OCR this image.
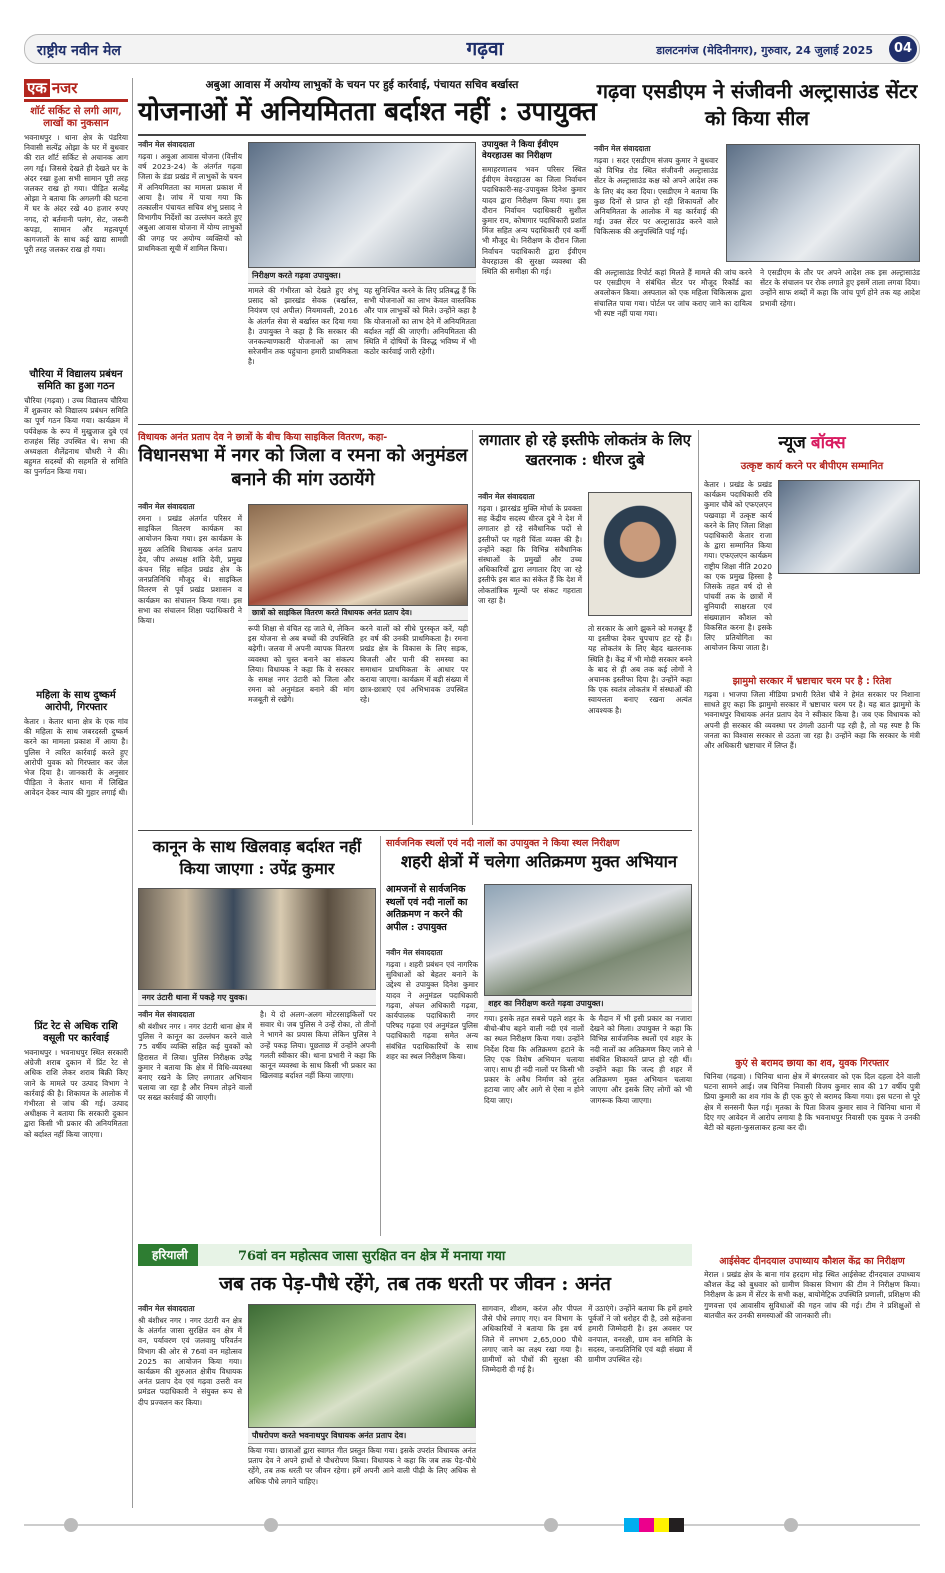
राष्ट्रीय नवीन मेल	गढ़वा	डालटनगंज (मेदिनीनगर), गुरुवार, 24 जुलाई 2025	04
एक नजर
शॉर्ट सर्किट से लगी आग, लाखों का नुकसान
भवनाथपुर । थाना क्षेत्र के पंडरिया निवासी सत्येंद्र ओझा के घर में बुधवार की रात शॉर्ट सर्किट से अचानक आग लग गई। जिससे देखते ही देखते घर के अंदर रखा हुआ सभी सामान पूरी तरह जलकर राख हो गया। पीड़ित सत्येंद्र ओझा ने बताया कि अगलगी की घटना में घर के अंदर रखे 40 हजार रुपए नगद, दो बर्तमानी पलंग, सेट, जरूरी कपड़ा, सामान और महत्वपूर्ण कागजातों के साथ कई खाद्य सामग्री पूरी तरह जलकर राख हो गया।
चौरिया में विद्यालय प्रबंधन समिति का हुआ गठन
चौरिया (गढ़वा) । उच्च विद्यालय चौरिया में शुक्रवार को विद्यालय प्रबंधन समिति का पूर्ण गठन किया गया। कार्यक्रम में पर्यवेक्षक के रूप में मुखुजाज दुबे एवं राजहंस सिंह उपस्थित थे। सभा की अध्यक्षता शैलेंद्रनाथ चौधरी ने की। बहुमत सदस्यों की सहमति से समिति का पुनर्गठन किया गया।
महिला के साथ दुष्कर्म आरोपी, गिरफ्तार
केतार । केतार थाना क्षेत्र के एक गांव की महिला के साथ जबरदस्ती दुष्कर्म करने का मामला प्रकाश में आया है। पुलिस ने त्वरित कार्रवाई करते हुए आरोपी युवक को गिरफ्तार कर जेल भेज दिया है। जानकारी के अनुसार पीड़िता ने केतार थाना में लिखित आवेदन देकर न्याय की गुहार लगाई थी।
प्रिंट रेट से अधिक राशि वसूली पर कार्रवाई
भवनाथपुर । भवनाथपुर स्थित सरकारी अंग्रेजी शराब दुकान में प्रिंट रेट से अधिक राशि लेकर शराब बिक्री किए जाने के मामले पर उत्पाद विभाग ने कार्रवाई की है। शिकायत के आलोक में गंभीरता से जांच की गई। उत्पाद अधीक्षक ने बताया कि सरकारी दुकान द्वारा किसी भी प्रकार की अनियमितता को बर्दाश्त नहीं किया जाएगा।
अबुआ आवास में अयोग्य लाभुकों के चयन पर हुई कार्रवाई, पंचायत सचिव बर्खास्त
योजनाओं में अनियमितता बर्दाश्त नहीं : उपायुक्त
नवीन मेल संवाददाता
गढ़वा । अबुआ आवास योजना (वित्तीय वर्ष 2023-24) के अंतर्गत गढ़वा जिला के डंडा प्रखंड में लाभुकों के चयन में अनियमितता का मामला प्रकाश में आया है। जांच में पाया गया कि तत्कालीन पंचायत सचिव शंभू प्रसाद ने विभागीय निर्देशों का उल्लंघन करते हुए अबुआ आवास योजना में योग्य लाभुकों की जगह पर अयोग्य व्यक्तियों को प्राथमिकता सूची में शामिल किया।
निरीक्षण करते गढ़वा उपायुक्त।
मामले की गंभीरता को देखते हुए शंभू प्रसाद को झारखंड सेवक (बर्खास्त, नियंत्रण एवं अपील) नियमावली, 2016 के अंतर्गत सेवा से बर्खास्त कर दिया गया है। उपायुक्त ने कहा है कि सरकार की जनकल्याणकारी योजनाओं का लाभ सरेजमीन तक पहुंचाना हमारी प्राथमिकता है।
यह सुनिश्चित करने के लिए प्रतिबद्ध हैं कि सभी योजनाओं का लाभ केवल वास्तविक और पात्र लाभुकों को मिले। उन्होंने कहा है कि योजनाओं का लाभ देने में अनियमितता बर्दाश्त नहीं की जाएगी। अनियमितता की स्थिति में दोषियों के विरुद्ध भविष्य में भी कठोर कार्रवाई जारी रहेगी।
उपायुक्त ने किया ईवीएम वेयरहाउस का निरीक्षण
समाहरणालय भवन परिसर स्थित ईवीएम वेयरहाउस का जिला निर्वाचन पदाधिकारी-सह-उपायुक्त दिनेश कुमार यादव द्वारा निरीक्षण किया गया। इस दौरान निर्वाचन पदाधिकारी सुशील कुमार राय, कोषागार पदाधिकारी प्रशांत मिंज सहित अन्य पदाधिकारी एवं कर्मी भी मौजूद थे। निरीक्षण के दौरान जिला निर्वाचन पदाधिकारी द्वारा ईवीएम वेयरहाउस की सुरक्षा व्यवस्था की स्थिति की समीक्षा की गई।
गढ़वा एसडीएम ने संजीवनी अल्ट्रासाउंड सेंटर को किया सील
नवीन मेल संवाददाता
गढ़वा । सदर एसडीएम संजय कुमार ने बुधवार को विभिन्न रोड स्थित संजीवनी अल्ट्रासाउंड सेंटर के अल्ट्रासाउंड कक्ष को अपने आदेश तक के लिए बंद करा दिया। एसडीएम ने बताया कि कुछ दिनों से प्राप्त हो रही शिकायतों और अनियमितता के आलोक में यह कार्रवाई की गई। उक्त सेंटर पर अल्ट्रासाउंड करने वाले चिकित्सक की अनुपस्थिति पाई गई।
की अल्ट्रासाउंड रिपोर्ट कहां मिलते हैं मामले की जांच करने पर एसडीएम ने संबंधित सेंटर पर मौजूद रिकॉर्ड का अवलोकन किया। अस्पताल को एक महिला चिकित्सक द्वारा संचालित पाया गया। पोर्टल पर जांच कराए जाने का दायित्व भी स्पष्ट नहीं पाया गया।
ने एसडीएम के तौर पर अपने आदेश तक इस अल्ट्रासाउंड सेंटर के संचालन पर रोक लगाते हुए इसमें ताला लगवा दिया। उन्होंने साफ शब्दों में कहा कि जांच पूर्ण होने तक यह आदेश प्रभावी रहेगा।
विधायक अनंत प्रताप देव ने छात्रों के बीच किया साइकिल वितरण, कहा-
विधानसभा में नगर को जिला व रमना को अनुमंडल बनाने की मांग उठायेंगे
नवीन मेल संवाददाता
रमना । प्रखंड अंतर्गत परिसर में साइकिल वितरण कार्यक्रम का आयोजन किया गया। इस कार्यक्रम के मुख्य अतिथि विधायक अनंत प्रताप देव, जीप अध्यक्ष शांति देवी, प्रमुख कंचन सिंह सहित प्रखंड क्षेत्र के जनप्रतिनिधि मौजूद थे। साइकिल वितरण से पूर्व प्रखंड प्रशासन व कार्यक्रम का संचालन किया गया। इस सभा का संचालन शिक्षा पदाधिकारी ने किया।
छात्रों को साइकिल वितरण करते विधायक अनंत प्रताप देव।
रूपी शिक्षा से वंचित रह जाते थे, लेकिन इस योजना से अब बच्चों की उपस्थिति बढ़ेगी। जलवा में अपनी व्यापक वितरण व्यवस्था को चुस्त बनाने का संकल्प लिया। विधायक ने कहा कि वे सरकार के समक्ष नगर उंटारी को जिला और रमना को अनुमंडल बनाने की मांग मजबूती से रखेंगे।
करने वालों को सीधे पुरस्कृत करें, यही हर वर्ष की उनकी प्राथमिकता है। रमना प्रखंड क्षेत्र के विकास के लिए सड़क, बिजली और पानी की समस्या का समाधान प्राथमिकता के आधार पर कराया जाएगा। कार्यक्रम में बड़ी संख्या में छात्र-छात्राएं एवं अभिभावक उपस्थित रहे।
लगातार हो रहे इस्तीफे लोकतंत्र के लिए खतरनाक : धीरज दुबे
नवीन मेल संवाददाता
गढ़वा । झारखंड मुक्ति मोर्चा के प्रवक्ता सह केंद्रीय सदस्य धीरज दुबे ने देश में लगातार हो रहे संवैधानिक पदों से इस्तीफों पर गहरी चिंता व्यक्त की है। उन्होंने कहा कि विभिन्न संवैधानिक संस्थाओं के प्रमुखों और उच्च अधिकारियों द्वारा लगातार दिए जा रहे इस्तीफे इस बात का संकेत हैं कि देश में लोकतांत्रिक मूल्यों पर संकट गहराता जा रहा है।
तो सरकार के आगे झुकने को मजबूर हैं या इस्तीफा देकर चुपचाप हट रहे हैं। यह लोकतंत्र के लिए बेहद खतरनाक स्थिति है। केंद्र में भी मोदी सरकार बनने के बाद से ही अब तक कई लोगों ने अचानक इस्तीफा दिया है। उन्होंने कहा कि एक स्वतंत्र लोकतंत्र में संस्थाओं की स्वायत्तता बनाए रखना अत्यंत आवश्यक है।
न्यूज बॉक्स
उत्कृष्ट कार्य करने पर बीपीएम सम्मानित
केतार । प्रखंड के प्रखंड कार्यक्रम पदाधिकारी रवि कुमार चौबे को एफएलएन पखवाड़ा में उत्कृष्ट कार्य करने के लिए जिला शिक्षा पदाधिकारी केतार राजा के द्वारा सम्मानित किया गया। एफएलएन कार्यक्रम राष्ट्रीय शिक्षा नीति 2020 का एक प्रमुख हिस्सा है जिसके तहत वर्ष दो से पांचवीं तक के छात्रों में बुनियादी साक्षरता एवं संख्याज्ञान कौशल को विकसित करना है। इसके लिए प्रतियोगिता का आयोजन किया जाता है।
झामुमो सरकार में भ्रष्टाचार चरम पर है : रितेश
गढ़वा । भाजपा जिला मीडिया प्रभारी रितेश चौबे ने हेमंत सरकार पर निशाना साधते हुए कहा कि झामुमो सरकार में भ्रष्टाचार चरम पर है। यह बात झामुमो के भवनाथपुर विधायक अनंत प्रताप देव ने स्वीकार किया है। जब एक विधायक को अपनी ही सरकार की व्यवस्था पर उंगली उठानी पड़ रही है, तो यह स्पष्ट है कि जनता का विश्वास सरकार से उठता जा रहा है। उन्होंने कहा कि सरकार के मंत्री और अधिकारी भ्रष्टाचार में लिप्त हैं।
कानून के साथ खिलवाड़ बर्दाश्त नहीं किया जाएगा : उपेंद्र कुमार
नगर उंटारी थाना में पकड़े गए युवक।
नवीन मेल संवाददाता
श्री बंशीधर नगर । नगर उंटारी थाना क्षेत्र में पुलिस ने कानून का उल्लंघन करने वाले 75 वर्षीय व्यक्ति सहित कई युवकों को हिरासत में लिया। पुलिस निरीक्षक उपेंद्र कुमार ने बताया कि क्षेत्र में विधि-व्यवस्था बनाए रखने के लिए लगातार अभियान चलाया जा रहा है और नियम तोड़ने वालों पर सख्त कार्रवाई की जाएगी।
है। ये दो अलग-अलग मोटरसाइकिलों पर सवार थे। जब पुलिस ने उन्हें रोका, तो तीनों ने भागने का प्रयास किया लेकिन पुलिस ने उन्हें पकड़ लिया। पूछताछ में उन्होंने अपनी गलती स्वीकार की। थाना प्रभारी ने कहा कि कानून व्यवस्था के साथ किसी भी प्रकार का खिलवाड़ बर्दाश्त नहीं किया जाएगा।
सार्वजनिक स्थलों एवं नदी नालों का उपायुक्त ने किया स्थल निरीक्षण
शहरी क्षेत्रों में चलेगा अतिक्रमण मुक्त अभियान
आमजनों से सार्वजनिक स्थलों एवं नदी नालों का अतिक्रमण न करने की अपील : उपायुक्त
शहर का निरीक्षण करते गढ़वा उपायुक्त।
नवीन मेल संवाददाता
गढ़वा । शहरी प्रबंधन एवं नागरिक सुविधाओं को बेहतर बनाने के उद्देश्य से उपायुक्त दिनेश कुमार यादव ने अनुमंडल पदाधिकारी गढ़वा, अंचल अधिकारी गढ़वा, कार्यपालक पदाधिकारी नगर परिषद गढ़वा एवं अनुमंडल पुलिस पदाधिकारी गढ़वा समेत अन्य संबंधित पदाधिकारियों के साथ शहर का स्थल निरीक्षण किया।
गया। इसके तहत सबसे पहले शहर के बीचो-बीच बहने वाली नदी एवं नालों का स्थल निरीक्षण किया गया। उन्होंने निर्देश दिया कि अतिक्रमण हटाने के लिए एक विशेष अभियान चलाया जाए। साथ ही नदी नालों पर किसी भी प्रकार के अवैध निर्माण को तुरंत हटाया जाए और आगे से ऐसा न होने दिया जाए।
के मैदान में भी इसी प्रकार का नजारा देखने को मिला। उपायुक्त ने कहा कि विभिन्न सार्वजनिक स्थलों एवं शहर के नदी नालों का अतिक्रमण किए जाने से संबंधित शिकायतें प्राप्त हो रही थीं। उन्होंने कहा कि जल्द ही शहर में अतिक्रमण मुक्त अभियान चलाया जाएगा और इसके लिए लोगों को भी जागरूक किया जाएगा।
कुएं से बरामद छाया का शव, युवक गिरफ्तार
चिनिया (गढ़वा) । चिनिया थाना क्षेत्र में बंगरलवार को एक दिल दहला देने वाली घटना सामने आई। जब चिनिया निवासी विजय कुमार साव की 17 वर्षीय पुत्री प्रिया कुमारी का शव गांव के ही एक कुएं से बरामद किया गया। इस घटना से पूरे क्षेत्र में सनसनी फैल गई। मृतका के पिता विजय कुमार साव ने चिनिया थाना में दिए गए आवेदन में आरोप लगाया है कि भवनाथपुर निवासी एक युवक ने उनकी बेटी को बहला-फुसलाकर हत्या कर दी।
आईसेक्ट दीनदयाल उपाध्याय कौशल केंद्र का निरीक्षण
मेराल । प्रखंड क्षेत्र के बाना गांव हरदाग मोड़ स्थित आईसेक्ट दीनदयाल उपाध्याय कौशल केंद्र को बुधवार को ग्रामीण विकास विभाग की टीम ने निरीक्षण किया। निरीक्षण के क्रम में सेंटर के सभी कक्ष, बायोमेट्रिक उपस्थिति प्रणाली, प्रशिक्षण की गुणवत्ता एवं आवासीय सुविधाओं की गहन जांच की गई। टीम ने प्रशिक्षुओं से बातचीत कर उनकी समस्याओं की जानकारी ली।
हरियाली	76वां वन महोत्सव जासा सुरक्षित वन क्षेत्र में मनाया गया
जब तक पेड़-पौधे रहेंगे, तब तक धरती पर जीवन : अनंत
नवीन मेल संवाददाता
श्री बंशीधर नगर । नगर उंटारी वन क्षेत्र के अंतर्गत जासा सुरक्षित वन क्षेत्र में वन, पर्यावरण एवं जलवायु परिवर्तन विभाग की ओर से 76वां वन महोत्सव 2025 का आयोजन किया गया। कार्यक्रम की शुरुआत क्षेत्रीय विधायक अनंत प्रताप देव एवं गढ़वा उत्तरी वन प्रमंडल पदाधिकारी ने संयुक्त रूप से दीप प्रज्वलन कर किया।
पौधरोपण करते भवनाथपुर विधायक अनंत प्रताप देव।
किया गया। छात्राओं द्वारा स्वागत गीत प्रस्तुत किया गया। इसके उपरांत विधायक अनंत प्रताप देव ने अपने हाथों से पौधरोपण किया। विधायक ने कहा कि जब तक पेड़-पौधे रहेंगे, तब तक धरती पर जीवन रहेगा। हमें अपनी आने वाली पीढ़ी के लिए अधिक से अधिक पौधे लगाने चाहिए।
सागवान, शीशम, करंज और पीपल जैसे पौधे लगाए गए। वन विभाग के अधिकारियों ने बताया कि इस वर्ष जिले में लगभग 2,65,000 पौधे लगाए जाने का लक्ष्य रखा गया है। ग्रामीणों को पौधों की सुरक्षा की जिम्मेदारी दी गई है।
में उठाएंगे। उन्होंने बताया कि हमें हमारे पूर्वजों ने जो धरोहर दी है, उसे सहेजना हमारी जिम्मेदारी है। इस अवसर पर वनपाल, वनरक्षी, ग्राम वन समिति के सदस्य, जनप्रतिनिधि एवं बड़ी संख्या में ग्रामीण उपस्थित रहे।
